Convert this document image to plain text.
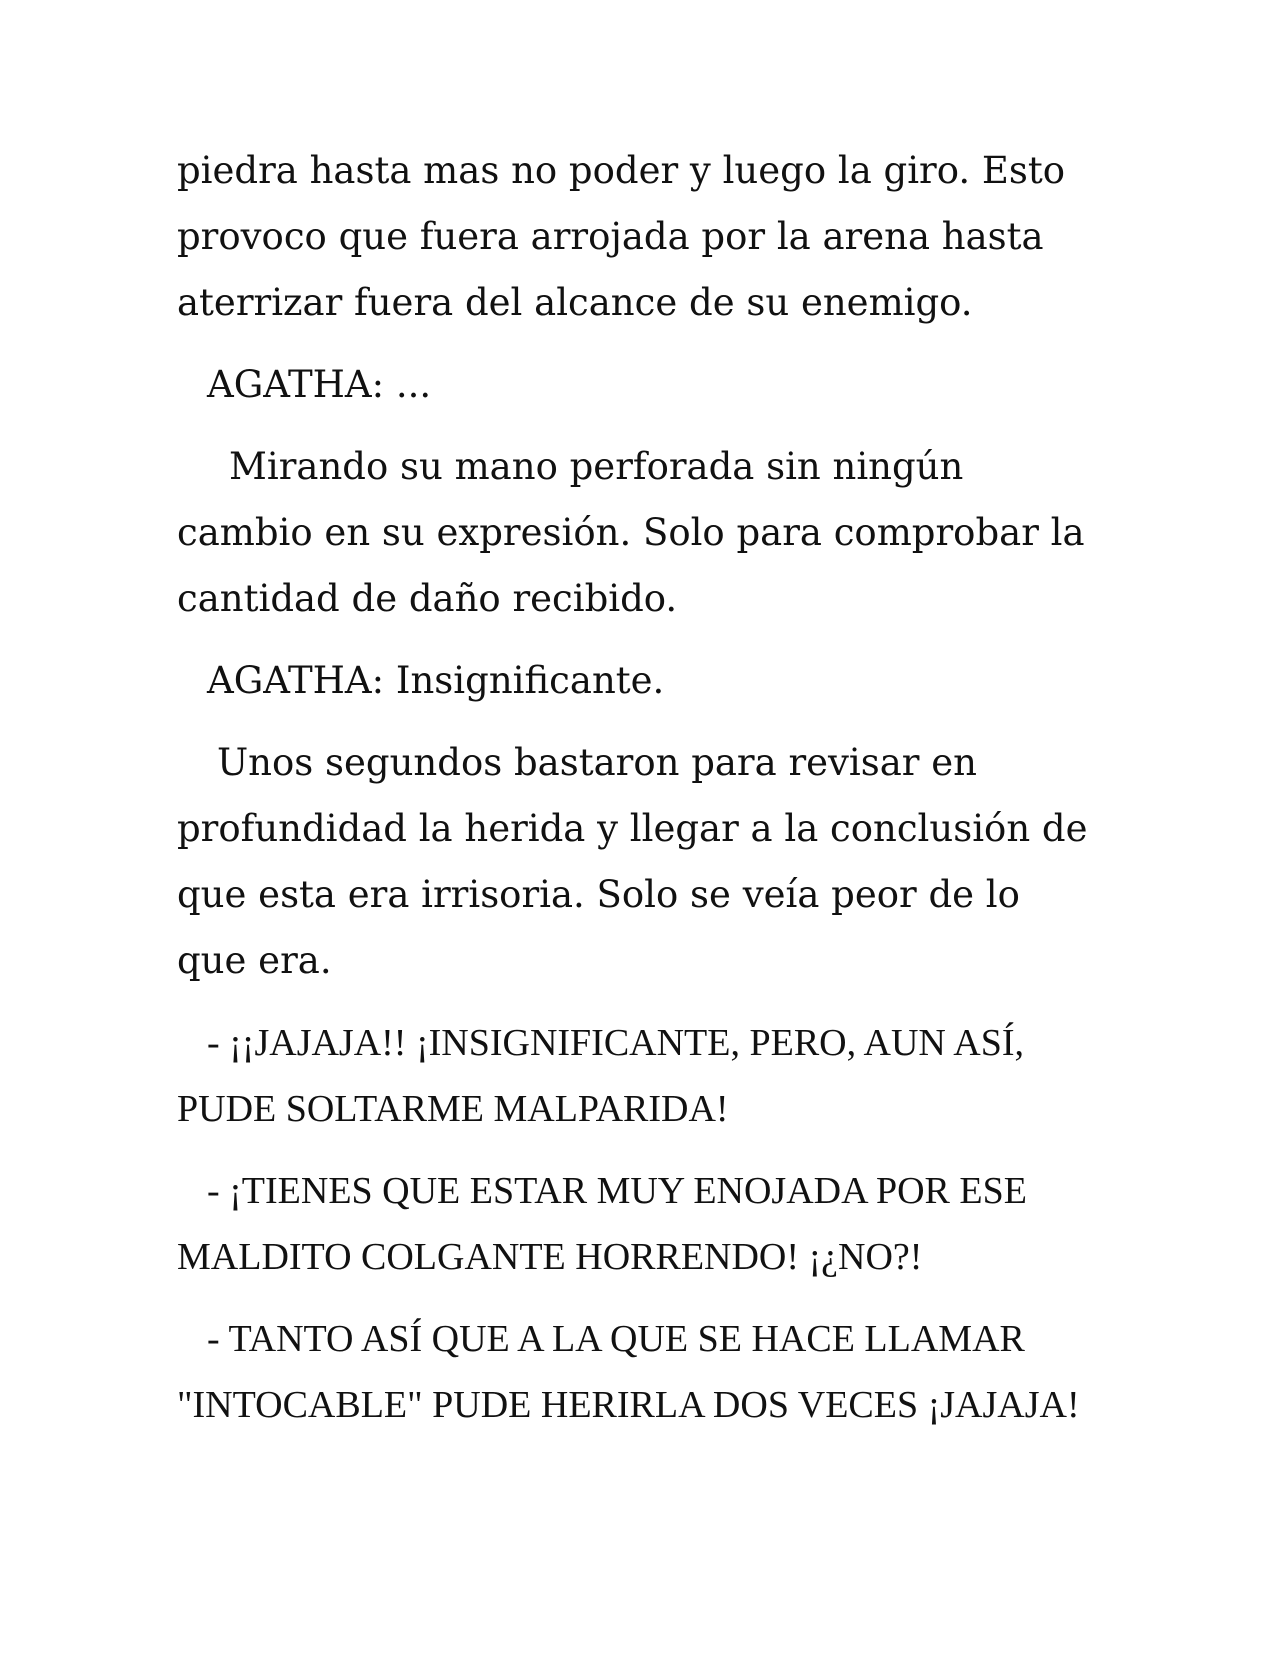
piedra hasta mas no poder y luego la giro. Esto provoco que fuera arrojada por la arena hasta aterrizar fuera del alcance de su enemigo.

AGATHA: ...

Mirando su mano perforada sin ningún cambio en su expresión. Solo para comprobar la cantidad de daño recibido.

AGATHA: Insignificante.

Unos segundos bastaron para revisar en profundidad la herida y llegar a la conclusión de que esta era irrisoria. Solo se veía peor de lo que era.

- ¡¡JAJAJA!! ¡INSIGNIFICANTE, PERO, AUN ASÍ, PUDE SOLTARME MALPARIDA!

- ¡TIENES QUE ESTAR MUY ENOJADA POR ESE MALDITO COLGANTE HORRENDO! ¡¿NO?!

- TANTO ASÍ QUE A LA QUE SE HACE LLAMAR "INTOCABLE" PUDE HERIRLA DOS VECES ¡JAJAJA!
